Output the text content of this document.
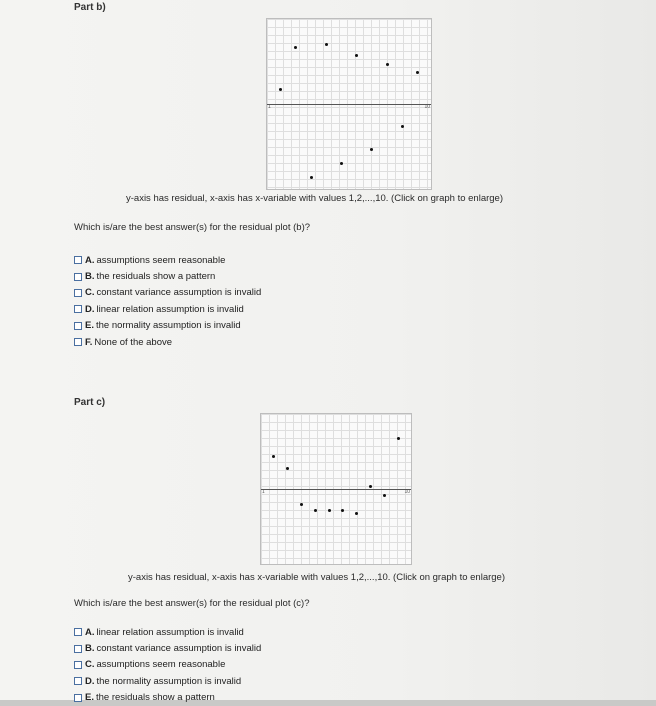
Part b)
1	10
y-axis has residual, x-axis has x-variable with values 1,2,...,10. (Click on graph to enlarge)
Which is/are the best answer(s) for the residual plot (b)?
A. assumptions seem reasonable
B. the residuals show a pattern
C. constant variance assumption is invalid
D. linear relation assumption is invalid
E. the normality assumption is invalid
F. None of the above
Part c)
1	10
y-axis has residual, x-axis has x-variable with values 1,2,...,10. (Click on graph to enlarge)
Which is/are the best answer(s) for the residual plot (c)?
A. linear relation assumption is invalid
B. constant variance assumption is invalid
C. assumptions seem reasonable
D. the normality assumption is invalid
E. the residuals show a pattern
